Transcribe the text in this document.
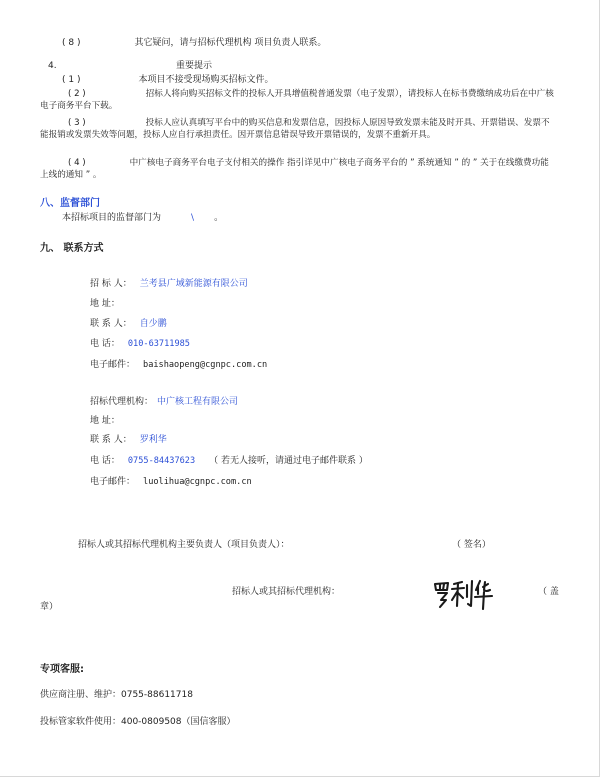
( 8 )	其它疑问，请与招标代理机构 项目负责人联系。
4.	重要提示
( 1 )	本项目不接受现场购买招标文件。
( 2 )	招标人将向购买招标文件的投标人开具增值税普通发票（电子发票），请投标人在标书费缴纳成功后在中广核电子商务平台下载。
( 3 )	投标人应认真填写平台中的购买信息和发票信息，因投标人原因导致发票未能及时开具、开票错误、发票不能报销或发票失效等问题，投标人应自行承担责任。因开票信息错误导致开票错误的，发票不重新开具。
( 4 )	中广核电子商务平台电子支付相关的操作 指引详见中广核电子商务平台的 ” 系统通知 ” 的 ” 关于在线缴费功能上线的通知 ” 。
八、监督部门
本招标项目的监督部门为	\ 。
九、 联系方式
招 标 人： 兰考县广域新能源有限公司
地 址：
联 系 人： 自少鹏
电 话： 010-63711985
电子邮件： baishaopeng@cgnpc.com.cn
招标代理机构： 中广核工程有限公司
地 址：
联 系 人： 罗利华
电 话： 0755-84437623 （ 若无人接听，请通过电子邮件联系 ）
电子邮件： luolihua@cgnpc.com.cn
招标人或其招标代理机构主要负责人（项目负责人）：	（ 签名）
招标人或其招标代理机构：	（ 盖
章）
专项客服:
供应商注册、维护：0755-88611718
投标管家软件使用：400-0809508（国信客服）
